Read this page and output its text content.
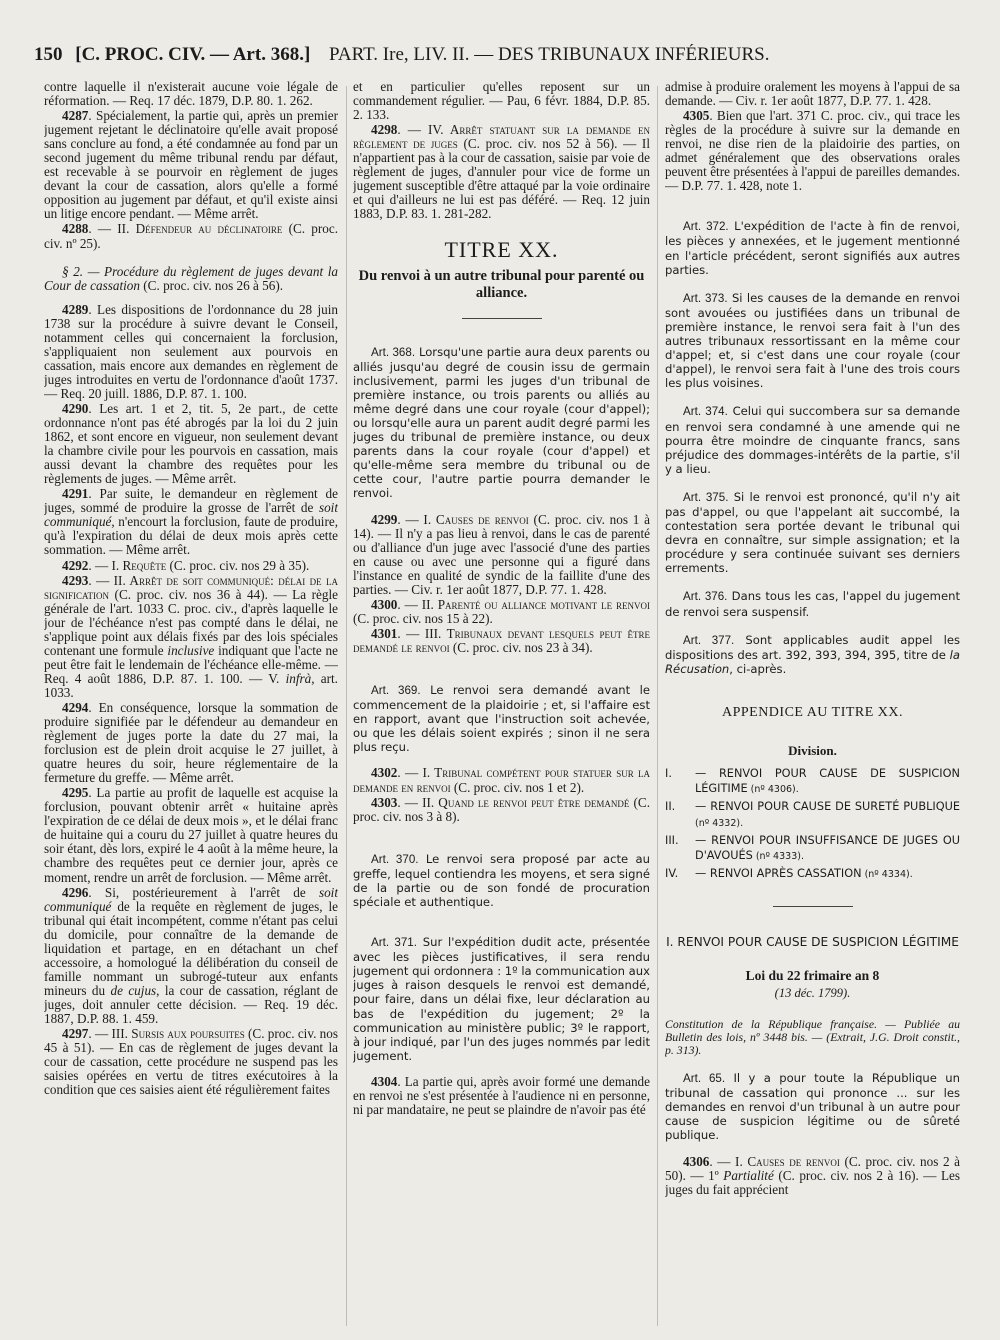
150 [C. PROC. CIV. — Art. 368.] PART. Ire, LIV. II. — DES TRIBUNAUX INFÉRIEURS.

contre laquelle il n'existerait aucune voie légale de réformation. — Req. 17 déc. 1879, D.P. 80. 1. 262.

4287. Spécialement, la partie qui, après un premier jugement rejetant le déclinatoire qu'elle avait proposé sans conclure au fond, a été condamnée au fond par un second jugement du même tribunal rendu par défaut, est recevable à se pourvoir en règlement de juges devant la cour de cassation, alors qu'elle a formé opposition au jugement par défaut, et qu'il existe ainsi un litige encore pendant. — Même arrêt.

4288. — II. Défendeur au déclinatoire (C. proc. civ. nº 25).

§ 2. — Procédure du règlement de juges devant la Cour de cassation (C. proc. civ. nos 26 à 56).

4289. Les dispositions de l'ordonnance du 28 juin 1738 sur la procédure à suivre devant le Conseil, notamment celles qui concernaient la forclusion, s'appliquaient non seulement aux pourvois en cassation, mais encore aux demandes en règlement de juges introduites en vertu de l'ordonnance d'août 1737. — Req. 20 juill. 1886, D.P. 87. 1. 100.

4290. Les art. 1 et 2, tit. 5, 2e part., de cette ordonnance n'ont pas été abrogés par la loi du 2 juin 1862, et sont encore en vigueur, non seulement devant la chambre civile pour les pourvois en cassation, mais aussi devant la chambre des requêtes pour les règlements de juges. — Même arrêt.

4291. Par suite, le demandeur en règlement de juges, sommé de produire la grosse de l'arrêt de soit communiqué, n'encourt la forclusion, faute de produire, qu'à l'expiration du délai de deux mois après cette sommation. — Même arrêt.

4292. — I. Requête (C. proc. civ. nos 29 à 35).

4293. — II. Arrêt de soit communiqué: délai de la signification (C. proc. civ. nos 36 à 44). — La règle générale de l'art. 1033 C. proc. civ., d'après laquelle le jour de l'échéance n'est pas compté dans le délai, ne s'applique point aux délais fixés par des lois spéciales contenant une formule inclusive indiquant que l'acte ne peut être fait le lendemain de l'échéance elle-même. — Req. 4 août 1886, D.P. 87. 1. 100. — V. infrà, art. 1033.

4294. En conséquence, lorsque la sommation de produire signifiée par le défendeur au demandeur en règlement de juges porte la date du 27 mai, la forclusion est de plein droit acquise le 27 juillet, à quatre heures du soir, heure réglementaire de la fermeture du greffe. — Même arrêt.

4295. La partie au profit de laquelle est acquise la forclusion, pouvant obtenir arrêt « huitaine après l'expiration de ce délai de deux mois », et le délai franc de huitaine qui a couru du 27 juillet à quatre heures du soir étant, dès lors, expiré le 4 août à la même heure, la chambre des requêtes peut ce dernier jour, après ce moment, rendre un arrêt de forclusion. — Même arrêt.

4296. Si, postérieurement à l'arrêt de soit communiqué de la requête en règlement de juges, le tribunal qui était incompétent, comme n'étant pas celui du domicile, pour connaître de la demande de liquidation et partage, en en détachant un chef accessoire, a homologué la délibération du conseil de famille nommant un subrogé-tuteur aux enfants mineurs du de cujus, la cour de cassation, réglant de juges, doit annuler cette décision. — Req. 19 déc. 1887, D.P. 88. 1. 459.

4297. — III. Sursis aux poursuites (C. proc. civ. nos 45 à 51). — En cas de règlement de juges devant la cour de cassation, cette procédure ne suspend pas les saisies opérées en vertu de titres exécutoires à la condition que ces saisies aient été régulièrement faites

et en particulier qu'elles reposent sur un commandement régulier. — Pau, 6 févr. 1884, D.P. 85. 2. 133.

4298. — IV. Arrêt statuant sur la demande en règlement de juges (C. proc. civ. nos 52 à 56). — Il n'appartient pas à la cour de cassation, saisie par voie de règlement de juges, d'annuler pour vice de forme un jugement susceptible d'être attaqué par la voie ordinaire et qui d'ailleurs ne lui est pas déféré. — Req. 12 juin 1883, D.P. 83. 1. 281-282.

TITRE XX.

Du renvoi à un autre tribunal pour parenté ou alliance.

Art. 368. Lorsqu'une partie aura deux parents ou alliés jusqu'au degré de cousin issu de germain inclusivement, parmi les juges d'un tribunal de première instance, ou trois parents ou alliés au même degré dans une cour royale (cour d'appel); ou lorsqu'elle aura un parent audit degré parmi les juges du tribunal de première instance, ou deux parents dans la cour royale (cour d'appel) et qu'elle-même sera membre du tribunal ou de cette cour, l'autre partie pourra demander le renvoi.

4299. — I. Causes de renvoi (C. proc. civ. nos 1 à 14). — Il n'y a pas lieu à renvoi, dans le cas de parenté ou d'alliance d'un juge avec l'associé d'une des parties en cause ou avec une personne qui a figuré dans l'instance en qualité de syndic de la faillite d'une des parties. — Civ. r. 1er août 1877, D.P. 77. 1. 428.

4300. — II. Parenté ou alliance motivant le renvoi (C. proc. civ. nos 15 à 22).

4301. — III. Tribunaux devant lesquels peut être demandé le renvoi (C. proc. civ. nos 23 à 34).

Art. 369. Le renvoi sera demandé avant le commencement de la plaidoirie ; et, si l'affaire est en rapport, avant que l'instruction soit achevée, ou que les délais soient expirés ; sinon il ne sera plus reçu.

4302. — I. Tribunal compétent pour statuer sur la demande en renvoi (C. proc. civ. nos 1 et 2).

4303. — II. Quand le renvoi peut être demandé (C. proc. civ. nos 3 à 8).

Art. 370. Le renvoi sera proposé par acte au greffe, lequel contiendra les moyens, et sera signé de la partie ou de son fondé de procuration spéciale et authentique.

Art. 371. Sur l'expédition dudit acte, présentée avec les pièces justificatives, il sera rendu jugement qui ordonnera : 1º la communication aux juges à raison desquels le renvoi est demandé, pour faire, dans un délai fixe, leur déclaration au bas de l'expédition du jugement; 2º la communication au ministère public; 3º le rapport, à jour indiqué, par l'un des juges nommés par ledit jugement.

4304. La partie qui, après avoir formé une demande en renvoi ne s'est présentée à l'audience ni en personne, ni par mandataire, ne peut se plaindre de n'avoir pas été

admise à produire oralement les moyens à l'appui de sa demande. — Civ. r. 1er août 1877, D.P. 77. 1. 428.

4305. Bien que l'art. 371 C. proc. civ., qui trace les règles de la procédure à suivre sur la demande en renvoi, ne dise rien de la plaidoirie des parties, on admet généralement que des observations orales peuvent être présentées à l'appui de pareilles demandes. — D.P. 77. 1. 428, note 1.

Art. 372. L'expédition de l'acte à fin de renvoi, les pièces y annexées, et le jugement mentionné en l'article précédent, seront signifiés aux autres parties.

Art. 373. Si les causes de la demande en renvoi sont avouées ou justifiées dans un tribunal de première instance, le renvoi sera fait à l'un des autres tribunaux ressortissant en la même cour d'appel; et, si c'est dans une cour royale (cour d'appel), le renvoi sera fait à l'une des trois cours les plus voisines.

Art. 374. Celui qui succombera sur sa demande en renvoi sera condamné à une amende qui ne pourra être moindre de cinquante francs, sans préjudice des dommages-intérêts de la partie, s'il y a lieu.

Art. 375. Si le renvoi est prononcé, qu'il n'y ait pas d'appel, ou que l'appelant ait succombé, la contestation sera portée devant le tribunal qui devra en connaître, sur simple assignation; et la procédure y sera continuée suivant ses derniers errements.

Art. 376. Dans tous les cas, l'appel du jugement de renvoi sera suspensif.

Art. 377. Sont applicables audit appel les dispositions des art. 392, 393, 394, 395, titre de la Récusation, ci-après.

APPENDICE AU TITRE XX.

Division.

I. — RENVOI POUR CAUSE DE SUSPICION LÉGITIME (nº 4306).
II. — RENVOI POUR CAUSE DE SURETÉ PUBLIQUE (nº 4332).
III. — RENVOI POUR INSUFFISANCE DE JUGES OU D'AVOUÉS (nº 4333).
IV. — RENVOI APRÈS CASSATION (nº 4334).

I. RENVOI POUR CAUSE DE SUSPICION LÉGITIME

Loi du 22 frimaire an 8

(13 déc. 1799).

Constitution de la République française. — Publiée au Bulletin des lois, nº 3448 bis. — (Extrait, J.G. Droit constit., p. 313).

Art. 65. Il y a pour toute la République un tribunal de cassation qui prononce ... sur les demandes en renvoi d'un tribunal à un autre pour cause de suspicion légitime ou de sûreté publique.

4306. — I. Causes de renvoi (C. proc. civ. nos 2 à 50). — 1º Partialité (C. proc. civ. nos 2 à 16). — Les juges du fait apprécient
